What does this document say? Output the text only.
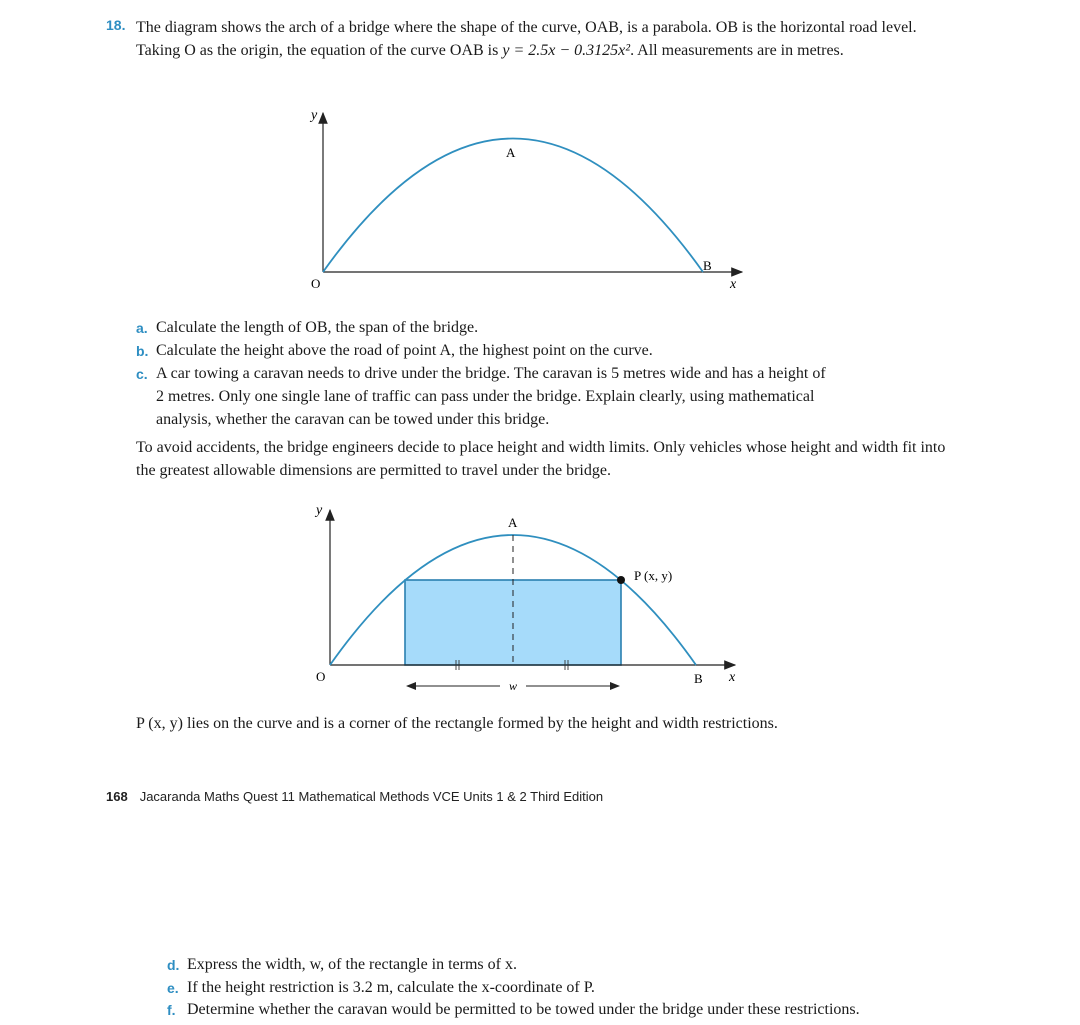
18. The diagram shows the arch of a bridge where the shape of the curve, OAB, is a parabola. OB is the horizontal road level. Taking O as the origin, the equation of the curve OAB is y = 2.5x − 0.3125x². All measurements are in metres.
y
x
O
A
B
a. Calculate the length of OB, the span of the bridge.
b. Calculate the height above the road of point A, the highest point on the curve.
c. A car towing a caravan needs to drive under the bridge. The caravan is 5 metres wide and has a height of
2 metres. Only one single lane of traffic can pass under the bridge. Explain clearly, using mathematical
analysis, whether the caravan can be towed under this bridge.
To avoid accidents, the bridge engineers decide to place height and width limits. Only vehicles whose height and width fit into the greatest allowable dimensions are permitted to travel under the bridge.
w
y
x
O
A
B
P (x, y)
P (x, y) lies on the curve and is a corner of the rectangle formed by the height and width restrictions.
168 Jacaranda Maths Quest 11 Mathematical Methods VCE Units 1 & 2 Third Edition
d. Express the width, w, of the rectangle in terms of x.
e. If the height restriction is 3.2 m, calculate the x-coordinate of P.
f. Determine whether the caravan would be permitted to be towed under the bridge under these restrictions.
